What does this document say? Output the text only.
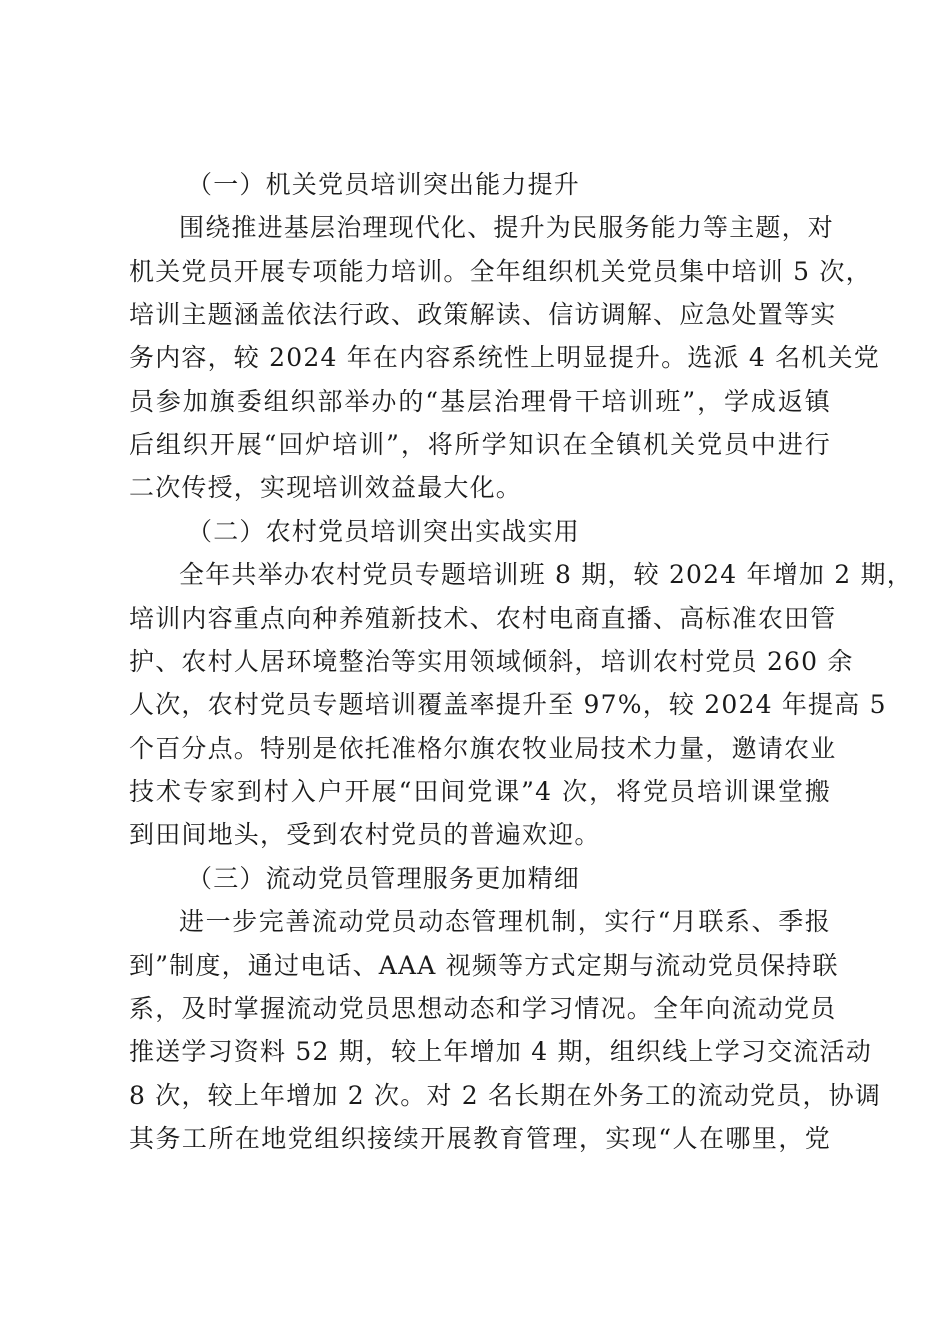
（一）机关党员培训突出能力提升
围绕推进基层治理现代化、提升为民服务能力等主题，对
机关党员开展专项能力培训。全年组织机关党员集中培训 5 次，
培训主题涵盖依法行政、政策解读、信访调解、应急处置等实
务内容，较 2024 年在内容系统性上明显提升。选派 4 名机关党
员参加旗委组织部举办的“基层治理骨干培训班”，学成返镇
后组织开展“回炉培训”，将所学知识在全镇机关党员中进行
二次传授，实现培训效益最大化。
（二）农村党员培训突出实战实用
全年共举办农村党员专题培训班 8 期，较 2024 年增加 2 期，
培训内容重点向种养殖新技术、农村电商直播、高标准农田管
护、农村人居环境整治等实用领域倾斜，培训农村党员 260 余
人次，农村党员专题培训覆盖率提升至 97%，较 2024 年提高 5
个百分点。特别是依托准格尔旗农牧业局技术力量，邀请农业
技术专家到村入户开展“田间党课”4 次，将党员培训课堂搬
到田间地头，受到农村党员的普遍欢迎。
（三）流动党员管理服务更加精细
进一步完善流动党员动态管理机制，实行“月联系、季报
到”制度，通过电话、AAA 视频等方式定期与流动党员保持联
系，及时掌握流动党员思想动态和学习情况。全年向流动党员
推送学习资料 52 期，较上年增加 4 期，组织线上学习交流活动
8 次，较上年增加 2 次。对 2 名长期在外务工的流动党员，协调
其务工所在地党组织接续开展教育管理，实现“人在哪里，党
